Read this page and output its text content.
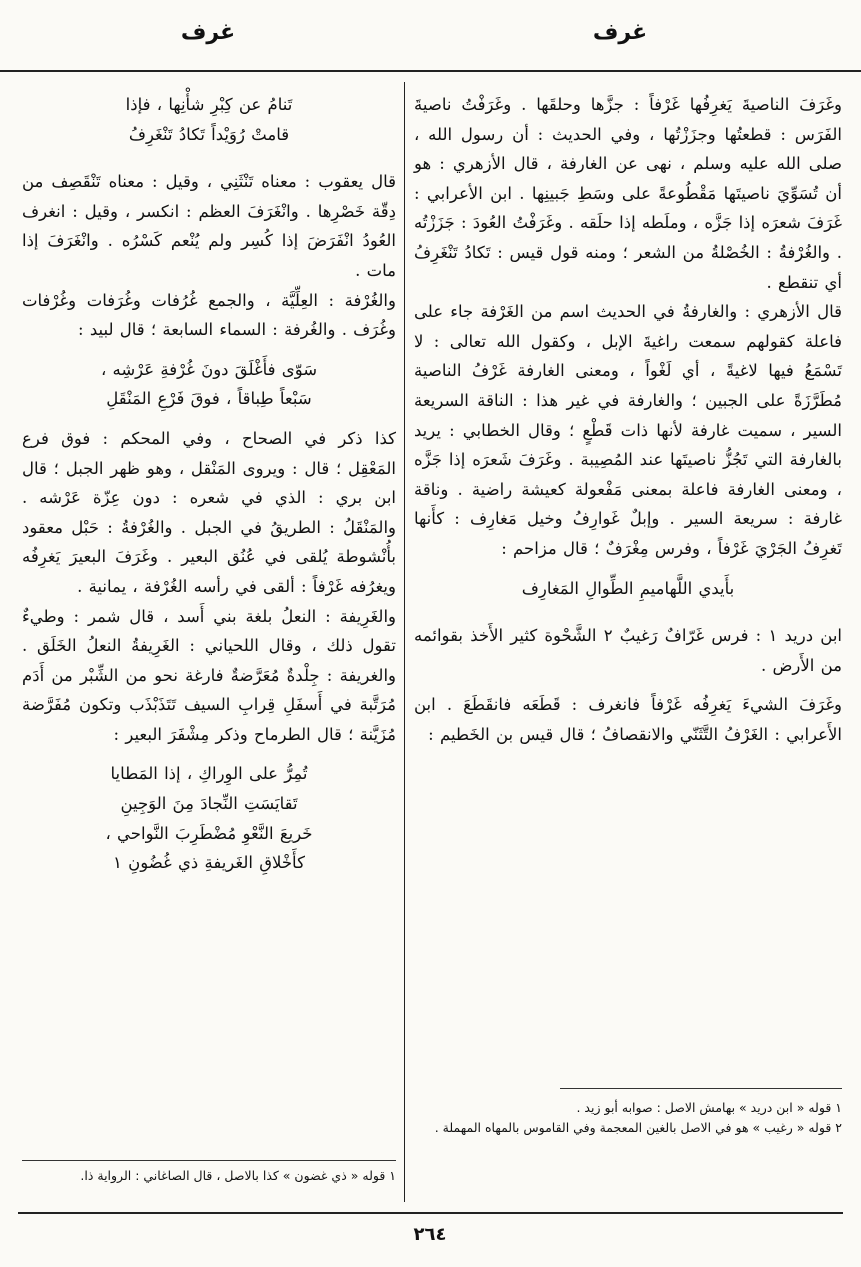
غرف
غرف

وغَرَفَ الناصيةَ يَغرِفُها غَرْفاً : جزَّها وحلقَها . وغَرَفْتُ ناصيةَ الفَرَس : قطعتُها وجزَزْتُها ، وفي الحديث : أن رسول الله ، صلى الله عليه وسلم ، نهى عن الغارفة ، قال الأزهري : هو أن تُسَوِّيَ ناصيتَها مَقْطُوعةً على وسَطِ جَبينِها . ابن الأعرابي : غَرَفَ شعرَه إذا جَزَّه ، وملَطه إذا حلَقه . وغَرَفْتُ العُودَ : جَزَزْتُه . والغُرْفةُ : الخُصْلةُ من الشعر ؛ ومنه قول قيس : تَكادُ تَنْغَرِفُ أي تنقطع .

قال الأزهري : والغارفةُ في الحديث اسم من الغَرْفة جاء على فاعلة كقولهم سمعت راغيةَ الإبل ، وكقول الله تعالى : لا تَسْمَعُ فيها لاغيةً ، أي لَغْواً ، ومعنى الغارفة غَرْفُ الناصية مُطَرَّزَةً على الجبين ؛ والغارفة في غير هذا : الناقة السريعة السير ، سميت غارفة لأنها ذات قَطْعٍ ؛ وقال الخطابي : يريد بالغارفة التي تَجُزُّ ناصيتَها عند المُصِيبة . وغَرَفَ شَعرَه إذا جَزَّه ، ومعنى الغارفة فاعلة بمعنى مَفْعولة كعيشة راضية . وناقة غارفة : سريعة السير . وإبلٌ غَوارِفُ وخيل مَغارِف : كأَنها تَغرِفُ الجَرْيَ غَرْفاً ، وفرس مِغْرَفٌ ؛ قال مزاحم :

بأَيدي اللَّهاميمِ الطِّوالِ المَغارِف

ابن دريد ١ : فرس غَرّافٌ رَغيبٌ ٢ الشَّحْوة كثير الأَخذ بقوائمه من الأَرض .

وغَرَفَ الشيءَ يَغرِفُه غَرْفاً فانغرف : قَطَعَه فانقَطَعَ . ابن الأَعرابي : الغَرْفُ التَّثَنّي والانقصافُ ؛ قال قيس بن الخَطيم :

١ قوله « ابن دريد » بهامش الاصل : صوابه أبو زيد .

٢ قوله « رغيب » هو في الاصل بالغين المعجمة وفي القاموس بالمهاه المهملة .

تَنامُ عن كِبْرِ شأْنِها ، فإذا

قامتْ رُوَيْداً تَكادُ تَنْغَرِفُ

قال يعقوب : معناه تَنْثَنِي ، وقيل : معناه تَنْقَصِف من دِقّة خَصْرِها . وانْغَرَفَ العظم : انكسر ، وقيل : انغرف العُودُ انْفَرَضَ إذا كُسِر ولم يُنْعم كَسْرُه . وانْغَرَفَ إذا مات .

والغُرْفة : العِلِّيَّة ، والجمع غُرُفات وغُرَفات وغُرْفات وغُرَف . والغُرفة : السماء السابعة ؛ قال لبيد :

سَوّى فأَغْلَقَ دونَ غُرْفةِ عَرْشِه ،

سَبْعاً طِباقاً ، فوقَ فَرْعِ المَنْقَلِ

كذا ذكر في الصحاح ، وفي المحكم : فوق فرع المَعْقِل ؛ قال : ويروى المَنْقل ، وهو ظهر الجبل ؛ قال ابن بري : الذي في شعره : دون عِزّة عَرْشه . والمَنْقَلُ : الطريقُ في الجبل . والغُرْفةُ : حَبْل معقود بأُنْشوطة يُلقى في عُنُق البعير . وغَرَفَ البعيرَ يَغرِفُه ويغرُفه غَرْفاً : ألقى في رأسه الغُرْفة ، يمانية .

والغَرِيفة : النعلُ بلغة بني أَسد ، قال شمر : وطيءٌ تقول ذلك ، وقال اللحياني : الغَرِيفةُ النعلُ الخَلَق . والغريفة : جِلْدةٌ مُعَرَّضةٌ فارغة نحو من الشِّبْر من أَدَم مُرَتَّبة في أَسفَلِ قِرابِ السيف تَتَذَبْذَب وتكون مُفَرَّضة مُزَيَّنة ؛ قال الطرماح وذكر مِشْفَرَ البعير :

تُمِرُّ على الوِراكِ ، إذا المَطايا

تَقايَسَتِ النِّجادَ مِنَ الوَجِينِ

خَريعَ النَّعْوِ مُضْطَرِبَ النَّواحي ،

كأَخْلاقِ الغَريفةِ ذي غُضُونِ ١

١ قوله « ذي غضون » كذا بالاصل ، قال الصاغاني : الرواية ذا.

٢٦٤
